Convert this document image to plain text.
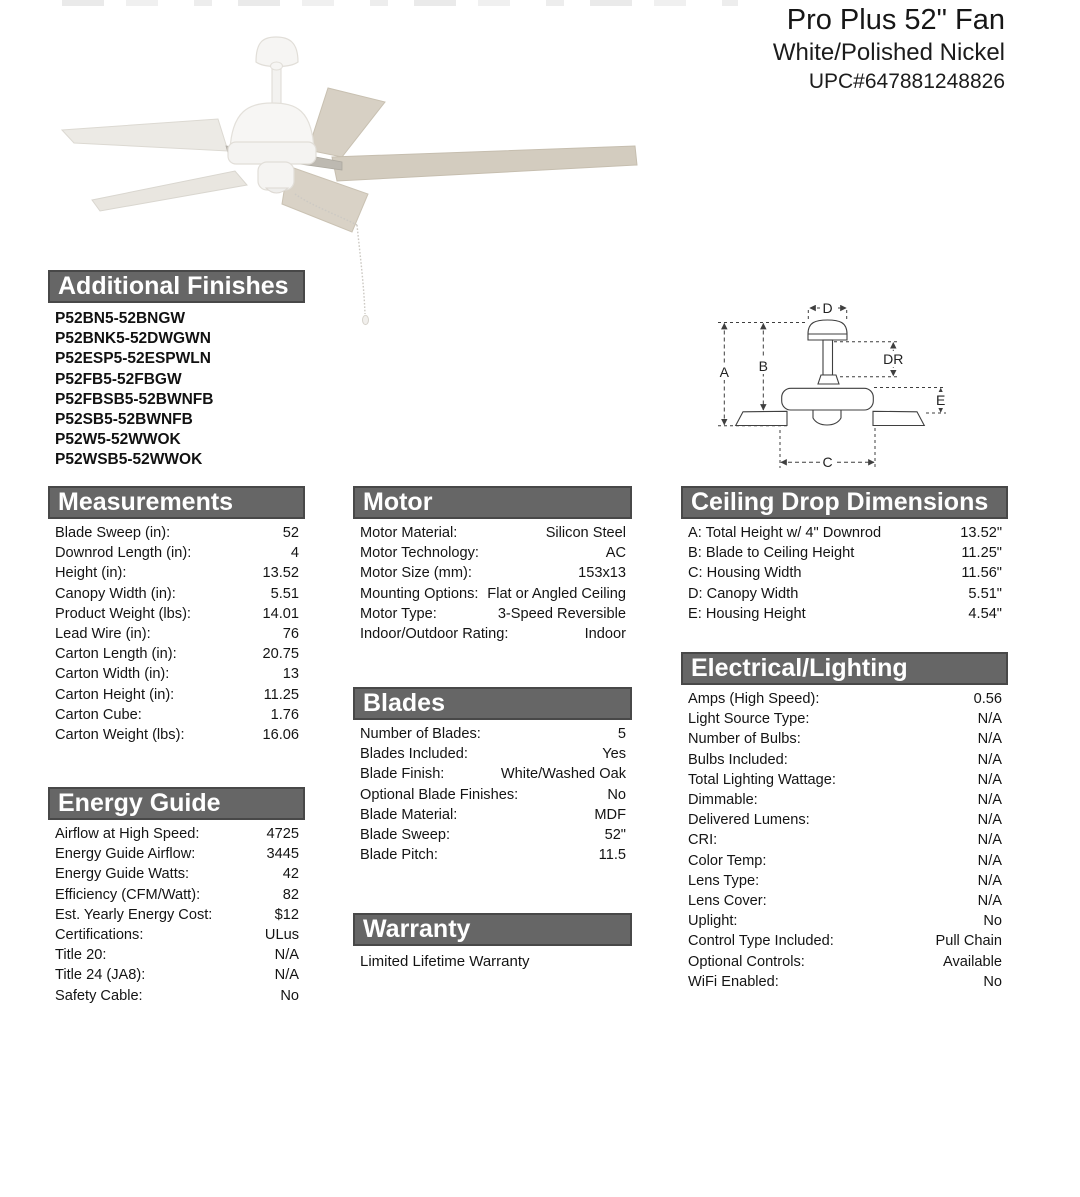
Pro Plus 52" Fan
White/Polished Nickel
UPC#647881248826
D
A B	DR
E
C
Additional Finishes
P52BN5-52BNGW
P52BNK5-52DWGWN
P52ESP5-52ESPWLN
P52FB5-52FBGW
P52FBSB5-52BWNFB
P52SB5-52BWNFB
P52W5-52WWOK
P52WSB5-52WWOK
Measurements
Blade Sweep (in):	52
Downrod Length (in):	4
Height (in):	13.52
Canopy Width (in):	5.51
Product Weight (lbs):	14.01
Lead Wire (in):	76
Carton Length (in):	20.75
Carton Width (in):	13
Carton Height (in):	11.25
Carton Cube:	1.76
Carton Weight (lbs):	16.06
Energy Guide
Airflow at High Speed:	4725
Energy Guide Airflow:	3445
Energy Guide Watts:	42
Efficiency (CFM/Watt):	82
Est. Yearly Energy Cost:	$12
Certifications:	ULus
Title 20:	N/A
Title 24 (JA8):	N/A
Safety Cable:	No
Motor
Motor Material:	Silicon Steel
Motor Technology:	AC
Motor Size (mm):	153x13
Mounting Options: Flat or Angled Ceiling
Motor Type:	3-Speed Reversible
Indoor/Outdoor Rating:	Indoor
Blades
Number of Blades:	5
Blades Included:	Yes
Blade Finish:	White/Washed Oak
Optional Blade Finishes:	No
Blade Material:	MDF
Blade Sweep:	52"
Blade Pitch:	11.5
Warranty
Limited Lifetime Warranty
Ceiling Drop Dimensions
A: Total Height w/ 4" Downrod	13.52"
B: Blade to Ceiling Height	11.25"
C: Housing Width	11.56"
D: Canopy Width	5.51"
E: Housing Height	4.54"
Electrical/Lighting
Amps (High Speed):	0.56
Light Source Type:	N/A
Number of Bulbs:	N/A
Bulbs Included:	N/A
Total Lighting Wattage:	N/A
Dimmable:	N/A
Delivered Lumens:	N/A
CRI:	N/A
Color Temp:	N/A
Lens Type:	N/A
Lens Cover:	N/A
Uplight:	No
Control Type Included:	Pull Chain
Optional Controls:	Available
WiFi Enabled:	No
